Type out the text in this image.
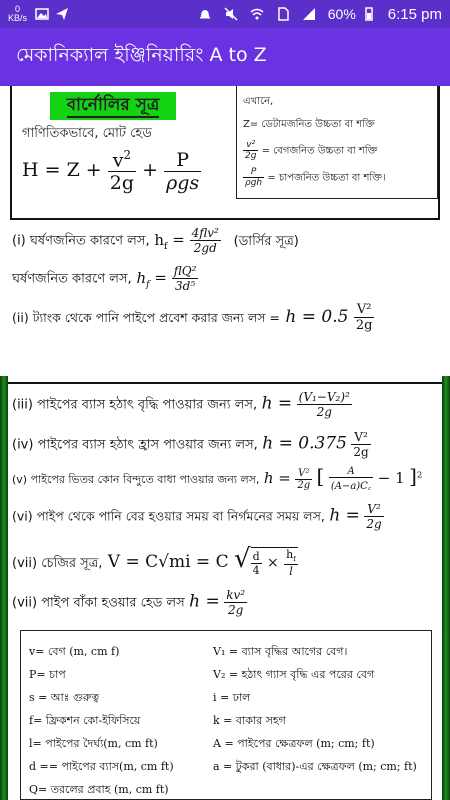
0
KB/s	60% 6:15 pm
মেকানিক্যাল ইঞ্জিনিয়ারিং A to Z
বার্নোলির সূত্র
গাণিতিকভাবে, মোট হেড
$H = Z + \frac{v^2}{2g} + \frac{P}{\text{ρgs}}$
এখানে,
Z= ডেটামজনিত উচ্চতা বা শক্তি
$\frac{\text{v²}}{2g}$ = বেগজনিত উচ্চতা বা শক্তি
$\frac{P}{\text{ρgh}}$ = চাপজনিত উচ্চতা বা শক্তি।
(i) ঘর্ষণজনিত কারণে লস, $h_f = \frac{\text{4flv²}}{2gd}$ (ডার্সির সূত্র)
ঘর্ষণজনিত কারণে লস, $h_f = \frac{\text{flQ²}}{\text{3d⁵}}$
(ii) ট্যাংক থেকে পানি পাইপে প্রবেশ করার জন্য লস = $h = 0.5 \frac{\text{V²}}{2g}$
(iii) পাইপের ব্যাস হঠাৎ বৃদ্ধি পাওয়ার জন্য লস, $h = \frac{\text{(V₁−V₂)²}}{2g}$
(iv) পাইপের ব্যাস হঠাৎ হ্রাস পাওয়ার জন্য লস, $h = 0.375 \frac{\text{V²}}{2g}$
(v) পাইপের ভিতর কোন বিন্দুতে বাধা পাওয়ার জন্য লস, $h = \frac{\text{V²}}{2g}$ [ $\frac{A}{(A-a)C꜀} - 1$ ]$^2$
(vi) পাইপ থেকে পানি বের হওয়ার সময় বা নির্গমনের সময় লস, $h = \frac{\text{V²}}{2g}$
(vii) চেজির সূত্র, V = C√mi = C √ $\frac{d}{4} \times \frac{h_f}{l}$
(vii) পাইপ বাঁকা হওয়ার হেড লস $h = \frac{\text{kv²}}{2g}$
v= বেগ (m, cm f)
P= চাপ
s = আঃ গুরুত্ব
f= ফ্রিকশন কো-ইফিসিয়ে
l= পাইপের দৈর্ঘ্য(m, cm ft)
d == পাইপের ব্যাস(m, cm ft)
Q= তরলের প্রবাহ (m, cm ft)
V₁ = ব্যাস বৃদ্ধির আগের বেগ।
V₂ = হঠাৎ গ্যাস বৃদ্ধি এর পরের বেগ
i = ঢাল
k = বাকার সহগ
A = পাইপের ক্ষেত্রফল (m; cm; ft)
a = টুকরা (বাধার)-এর ক্ষেত্রফল (m; cm; ft)
